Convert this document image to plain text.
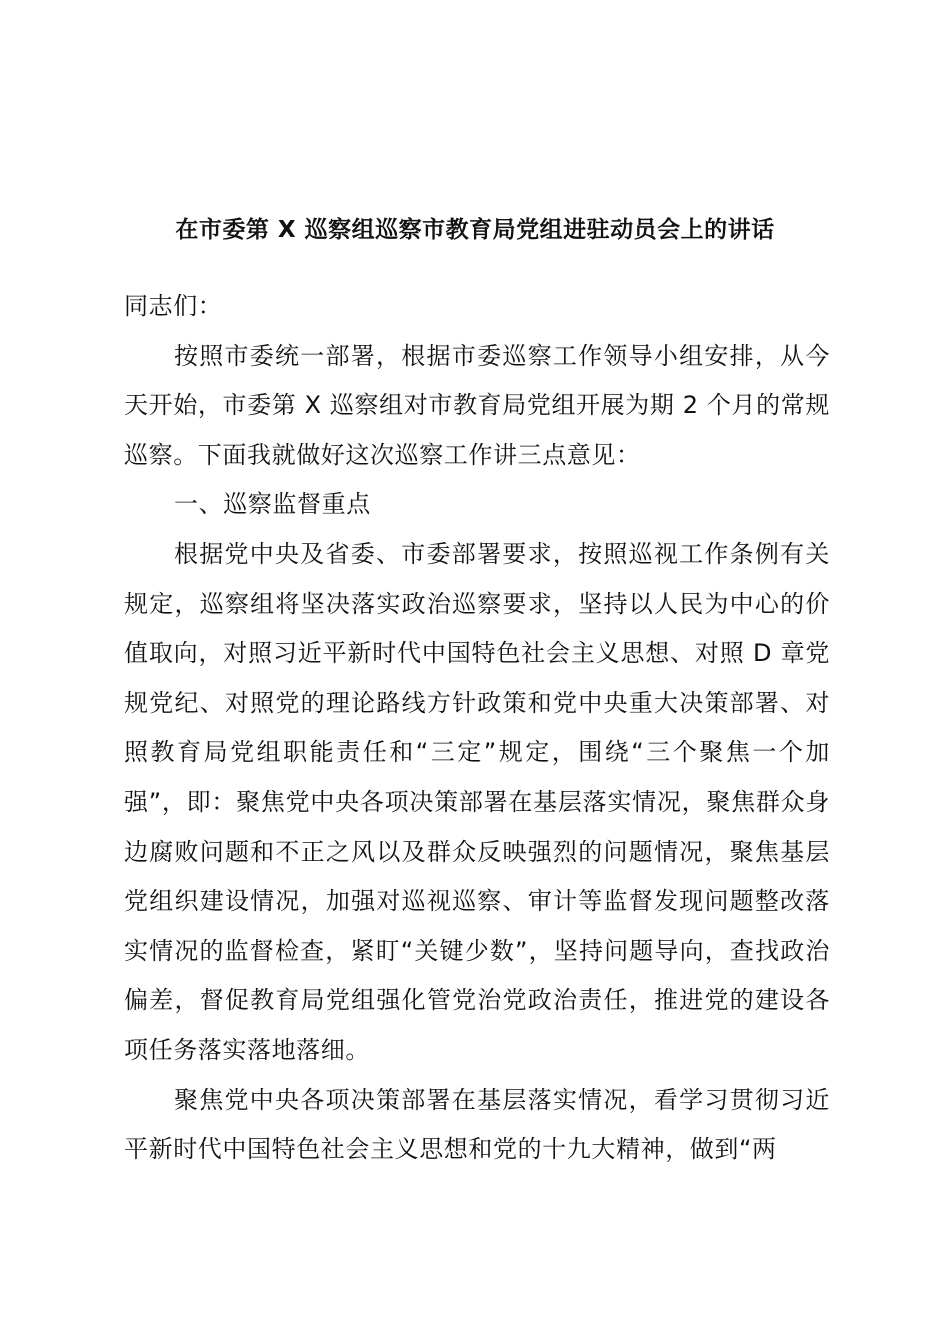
在市委第 X 巡察组巡察市教育局党组进驻动员会上的讲话

同志们：

按照市委统一部署，根据市委巡察工作领导小组安排，从今天开始，市委第 X 巡察组对市教育局党组开展为期 2 个月的常规巡察。下面我就做好这次巡察工作讲三点意见：

一、巡察监督重点

根据党中央及省委、市委部署要求，按照巡视工作条例有关规定，巡察组将坚决落实政治巡察要求，坚持以人民为中心的价值取向，对照习近平新时代中国特色社会主义思想、对照 D 章党规党纪、对照党的理论路线方针政策和党中央重大决策部署、对照教育局党组职能责任和“三定”规定，围绕“三个聚焦一个加强”，即：聚焦党中央各项决策部署在基层落实情况，聚焦群众身边腐败问题和不正之风以及群众反映强烈的问题情况，聚焦基层党组织建设情况，加强对巡视巡察、审计等监督发现问题整改落实情况的监督检查，紧盯“关键少数”，坚持问题导向，查找政治偏差，督促教育局党组强化管党治党政治责任，推进党的建设各项任务落实落地落细。

聚焦党中央各项决策部署在基层落实情况，看学习贯彻习近平新时代中国特色社会主义思想和党的十九大精神，做到“两
